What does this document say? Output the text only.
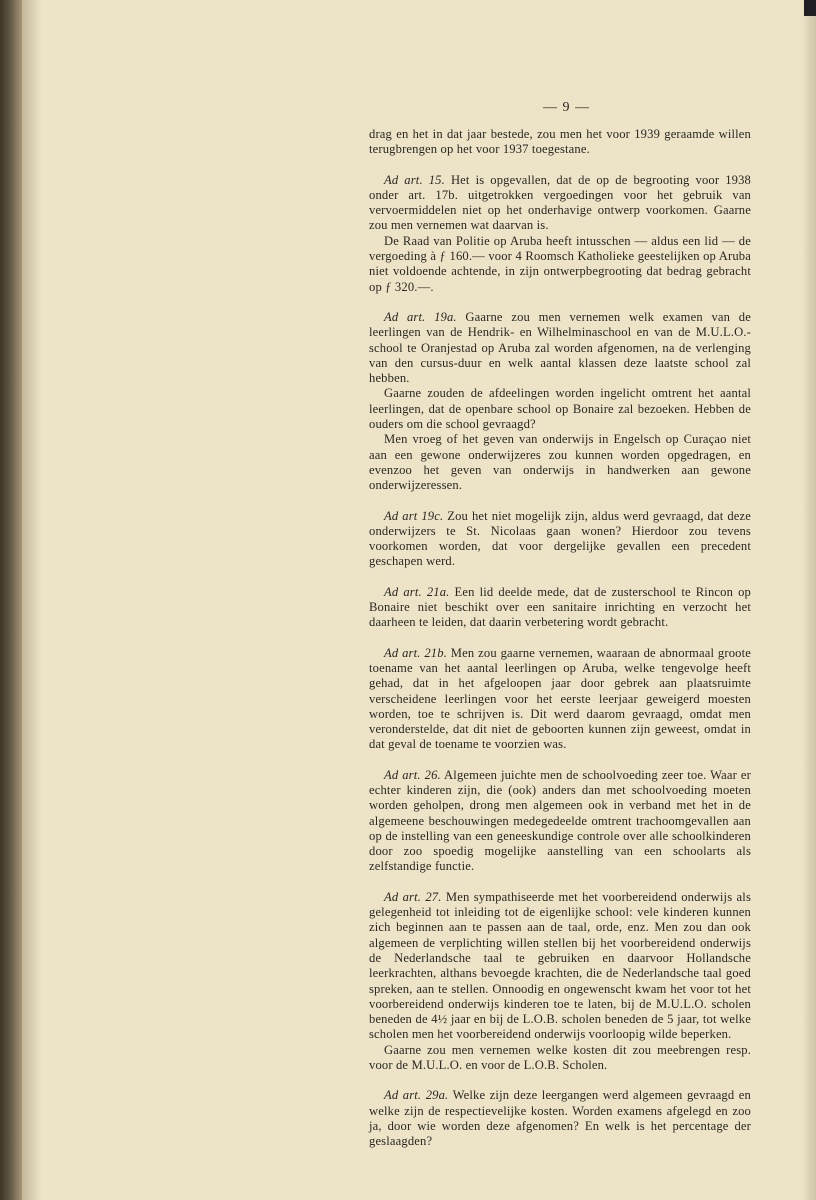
— 9 —

drag en het in dat jaar bestede, zou men het voor 1939 geraamde willen terugbrengen op het voor 1937 toegestane.

Ad art. 15. Het is opgevallen, dat de op de begrooting voor 1938 onder art. 17b. uitgetrokken vergoedingen voor het gebruik van vervoermiddelen niet op het onderhavige ontwerp voorkomen. Gaarne zou men vernemen wat daarvan is.

De Raad van Politie op Aruba heeft intusschen — aldus een lid — de vergoeding à ƒ 160.— voor 4 Roomsch Katholieke geestelijken op Aruba niet voldoende achtende, in zijn ontwerpbegrooting dat bedrag gebracht op ƒ 320.—.

Ad art. 19a. Gaarne zou men vernemen welk examen van de leerlingen van de Hendrik- en Wilhelminaschool en van de M.U.L.O.-school te Oranjestad op Aruba zal worden afgenomen, na de verlenging van den cursus-duur en welk aantal klassen deze laatste school zal hebben.

Gaarne zouden de afdeelingen worden ingelicht omtrent het aantal leerlingen, dat de openbare school op Bonaire zal bezoeken. Hebben de ouders om die school gevraagd?

Men vroeg of het geven van onderwijs in Engelsch op Curaçao niet aan een gewone onderwijzeres zou kunnen worden opgedragen, en evenzoo het geven van onderwijs in handwerken aan gewone onderwijzeressen.

Ad art 19c. Zou het niet mogelijk zijn, aldus werd gevraagd, dat deze onderwijzers te St. Nicolaas gaan wonen? Hierdoor zou tevens voorkomen worden, dat voor dergelijke gevallen een precedent geschapen werd.

Ad art. 21a. Een lid deelde mede, dat de zusterschool te Rincon op Bonaire niet beschikt over een sanitaire inrichting en verzocht het daarheen te leiden, dat daarin verbetering wordt gebracht.

Ad art. 21b. Men zou gaarne vernemen, waaraan de abnormaal groote toename van het aantal leerlingen op Aruba, welke tengevolge heeft gehad, dat in het afgeloopen jaar door gebrek aan plaatsruimte verscheidene leerlingen voor het eerste leerjaar geweigerd moesten worden, toe te schrijven is. Dit werd daarom gevraagd, omdat men veronderstelde, dat dit niet de geboorten kunnen zijn geweest, omdat in dat geval de toename te voorzien was.

Ad art. 26. Algemeen juichte men de schoolvoeding zeer toe. Waar er echter kinderen zijn, die (ook) anders dan met schoolvoeding moeten worden geholpen, drong men algemeen ook in verband met het in de algemeene beschouwingen medegedeelde omtrent trachoomgevallen aan op de instelling van een geneeskundige controle over alle schoolkinderen door zoo spoedig mogelijke aanstelling van een schoolarts als zelfstandige functie.

Ad art. 27. Men sympathiseerde met het voorbereidend onderwijs als gelegenheid tot inleiding tot de eigenlijke school: vele kinderen kunnen zich beginnen aan te passen aan de taal, orde, enz. Men zou dan ook algemeen de verplichting willen stellen bij het voorbereidend onderwijs de Nederlandsche taal te gebruiken en daarvoor Hollandsche leerkrachten, althans bevoegde krachten, die de Nederlandsche taal goed spreken, aan te stellen. Onnoodig en ongewenscht kwam het voor tot het voorbereidend onderwijs kinderen toe te laten, bij de M.U.L.O. scholen beneden de 4½ jaar en bij de L.O.B. scholen beneden de 5 jaar, tot welke scholen men het voorbereidend onderwijs voorloopig wilde beperken.

Gaarne zou men vernemen welke kosten dit zou meebrengen resp. voor de M.U.L.O. en voor de L.O.B. Scholen.

Ad art. 29a. Welke zijn deze leergangen werd algemeen gevraagd en welke zijn de respectievelijke kosten. Worden examens afgelegd en zoo ja, door wie worden deze afgenomen? En welk is het percentage der geslaagden?
